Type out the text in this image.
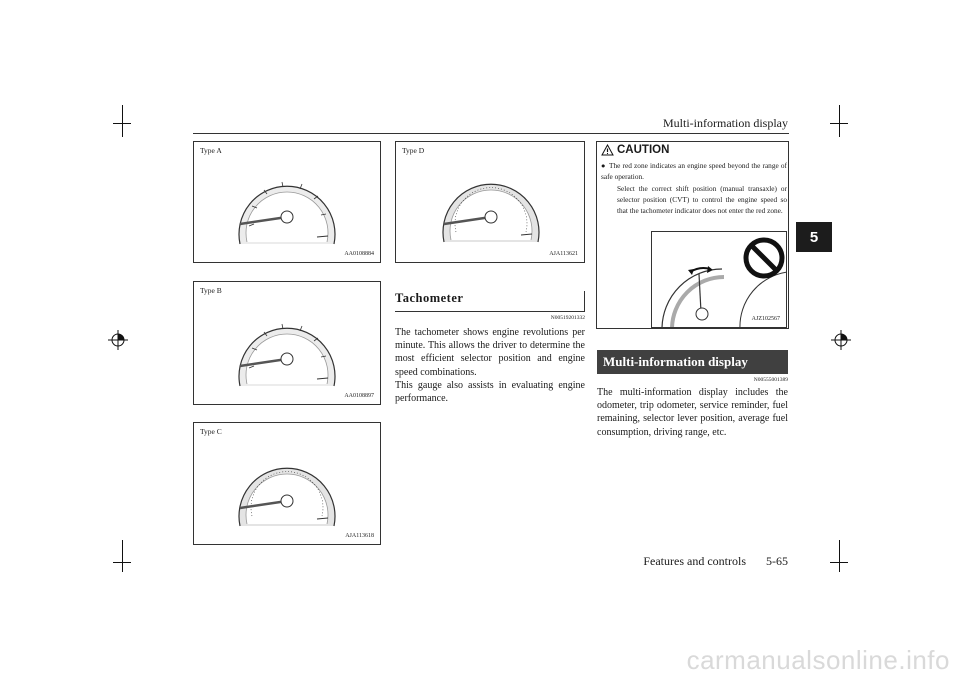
Multi-information display
5
Type A
AA0108884
Type B
AA0108897
Type C
AJA113618
Type D
AJA113621
Tachometer
N00519201332
The tachometer shows engine revolutions per minute. This allows the driver to determine the most efficient selector position and engine speed combinations.
This gauge also assists in evaluating engine performance.
CAUTION
● The red zone indicates an engine speed beyond the range of safe operation.
Select the correct shift position (manual transaxle) or selector position (CVT) to control the engine speed so that the tachometer indicator does not enter the red zone.
AJZ102567
Multi-information display
N00555001389
The multi-information display includes the odometer, trip odometer, service reminder, fuel remaining, selector lever position, average fuel consumption, driving range, etc.
Features and controls 5-65
carmanualsonline.info
